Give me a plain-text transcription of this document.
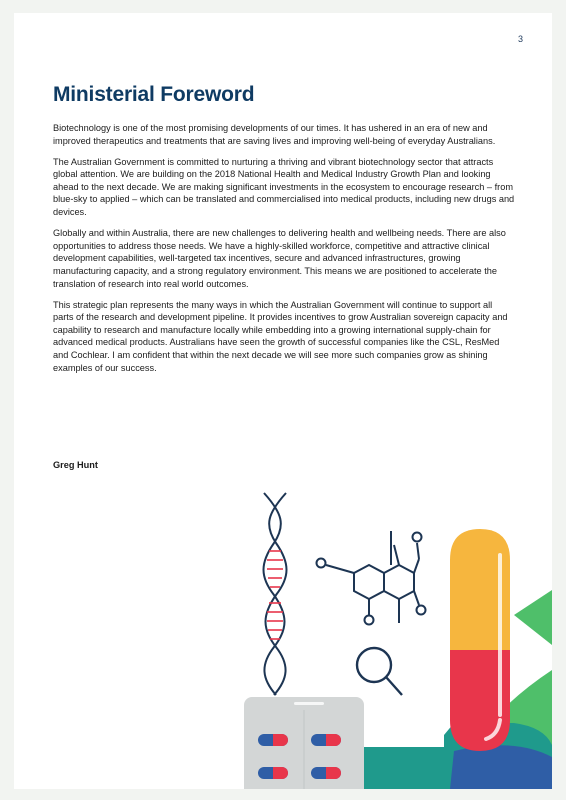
3
Ministerial Foreword

Biotechnology is one of the most promising developments of our times. It has ushered in an era of new and improved therapeutics and treatments that are saving lives and improving well-being of everyday Australians.

The Australian Government is committed to nurturing a thriving and vibrant biotechnology sector that attracts global attention. We are building on the 2018 National Health and Medical Industry Growth Plan and looking ahead to the next decade. We are making significant investments in the ecosystem to encourage research – from blue-sky to applied – which can be translated and commercialised into medical products, including new drugs and devices.

Globally and within Australia, there are new challenges to delivering health and wellbeing needs. There are also opportunities to address those needs. We have a highly-skilled workforce, competitive and attractive clinical development capabilities, well-targeted tax incentives, secure and advanced infrastructures, growing manufacturing capacity, and a strong regulatory environment. This means we are positioned to accelerate the translation of research into real world outcomes.

This strategic plan represents the many ways in which the Australian Government will continue to support all parts of the research and development pipeline. It provides incentives to grow Australian sovereign capacity and capability to research and manufacture locally while embedding into a growing international supply-chain for advanced medical products. Australians have seen the growth of successful companies like the CSL, ResMed and Cochlear. I am confident that within the next decade we will see more such companies grow as shining examples of our success.

Greg Hunt
